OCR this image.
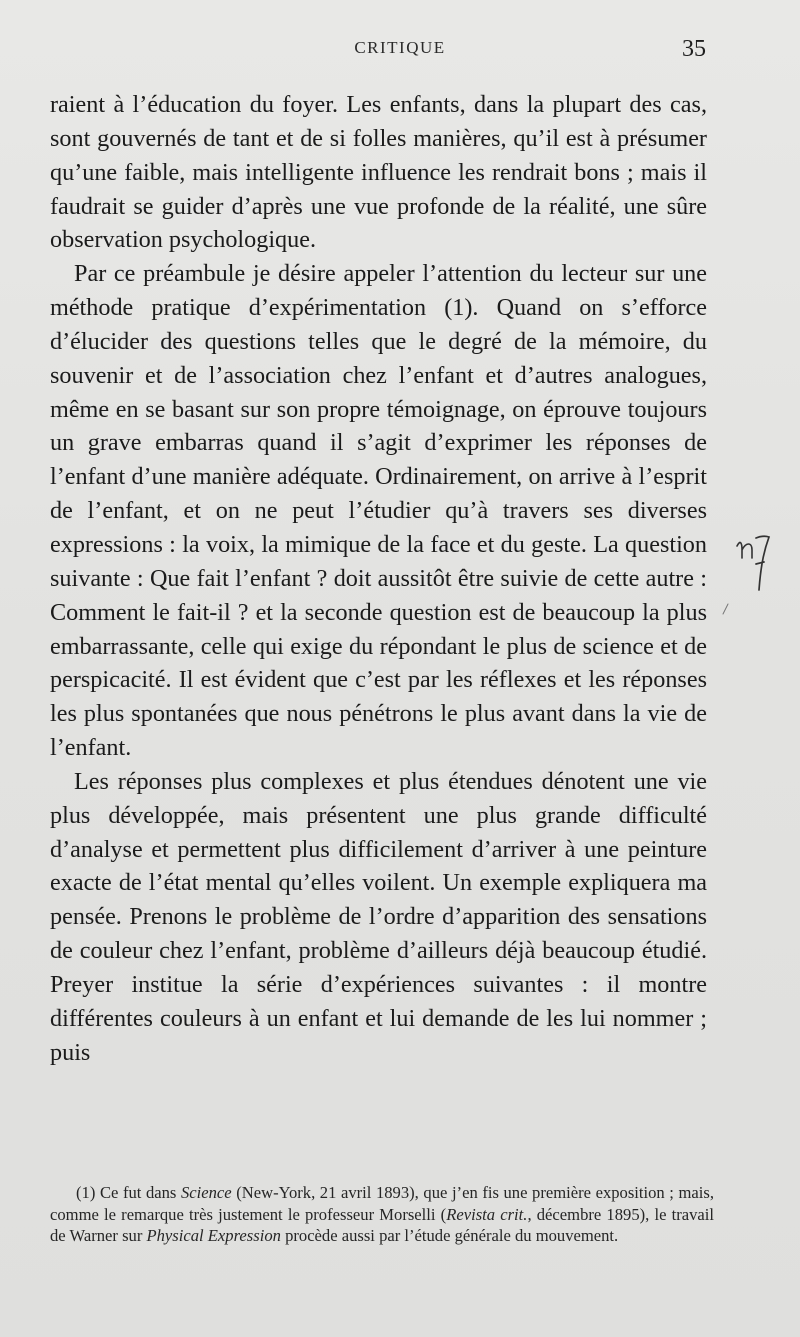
CRITIQUE	35

raient à l’éducation du foyer. Les enfants, dans la plupart des cas, sont gouvernés de tant et de si folles manières, qu’il est à présumer qu’une faible, mais intelligente influence les rendrait bons ; mais il faudrait se guider d’après une vue profonde de la réalité, une sûre observation psychologique.

Par ce préambule je désire appeler l’attention du lecteur sur une méthode pratique d’expérimentation (1). Quand on s’efforce d’élucider des questions telles que le degré de la mémoire, du souvenir et de l’association chez l’enfant et d’autres analogues, même en se basant sur son propre témoignage, on éprouve toujours un grave embarras quand il s’agit d’exprimer les réponses de l’enfant d’une manière adéquate. Ordinairement, on arrive à l’esprit de l’enfant, et on ne peut l’étudier qu’à travers ses diverses expressions : la voix, la mimique de la face et du geste. La question suivante : Que fait l’enfant ? doit aussitôt être suivie de cette autre : Comment le fait-il ? et la seconde question est de beaucoup la plus embarrassante, celle qui exige du répondant le plus de science et de perspicacité. Il est évident que c’est par les réflexes et les réponses les plus spontanées que nous pénétrons le plus avant dans la vie de l’enfant.

Les réponses plus complexes et plus étendues dénotent une vie plus développée, mais présentent une plus grande difficulté d’analyse et permettent plus difficilement d’arriver à une peinture exacte de l’état mental qu’elles voilent. Un exemple expliquera ma pensée. Prenons le problème de l’ordre d’apparition des sensations de couleur chez l’enfant, problème d’ailleurs déjà beaucoup étudié. Preyer institue la série d’expériences suivantes : il montre différentes couleurs à un enfant et lui demande de les lui nommer ; puis

(1) Ce fut dans Science (New-York, 21 avril 1893), que j’en fis une première exposition ; mais, comme le remarque très justement le professeur Morselli (Revista crit., décembre 1895), le travail de Warner sur Physical Expression procède aussi par l’étude générale du mouvement.
